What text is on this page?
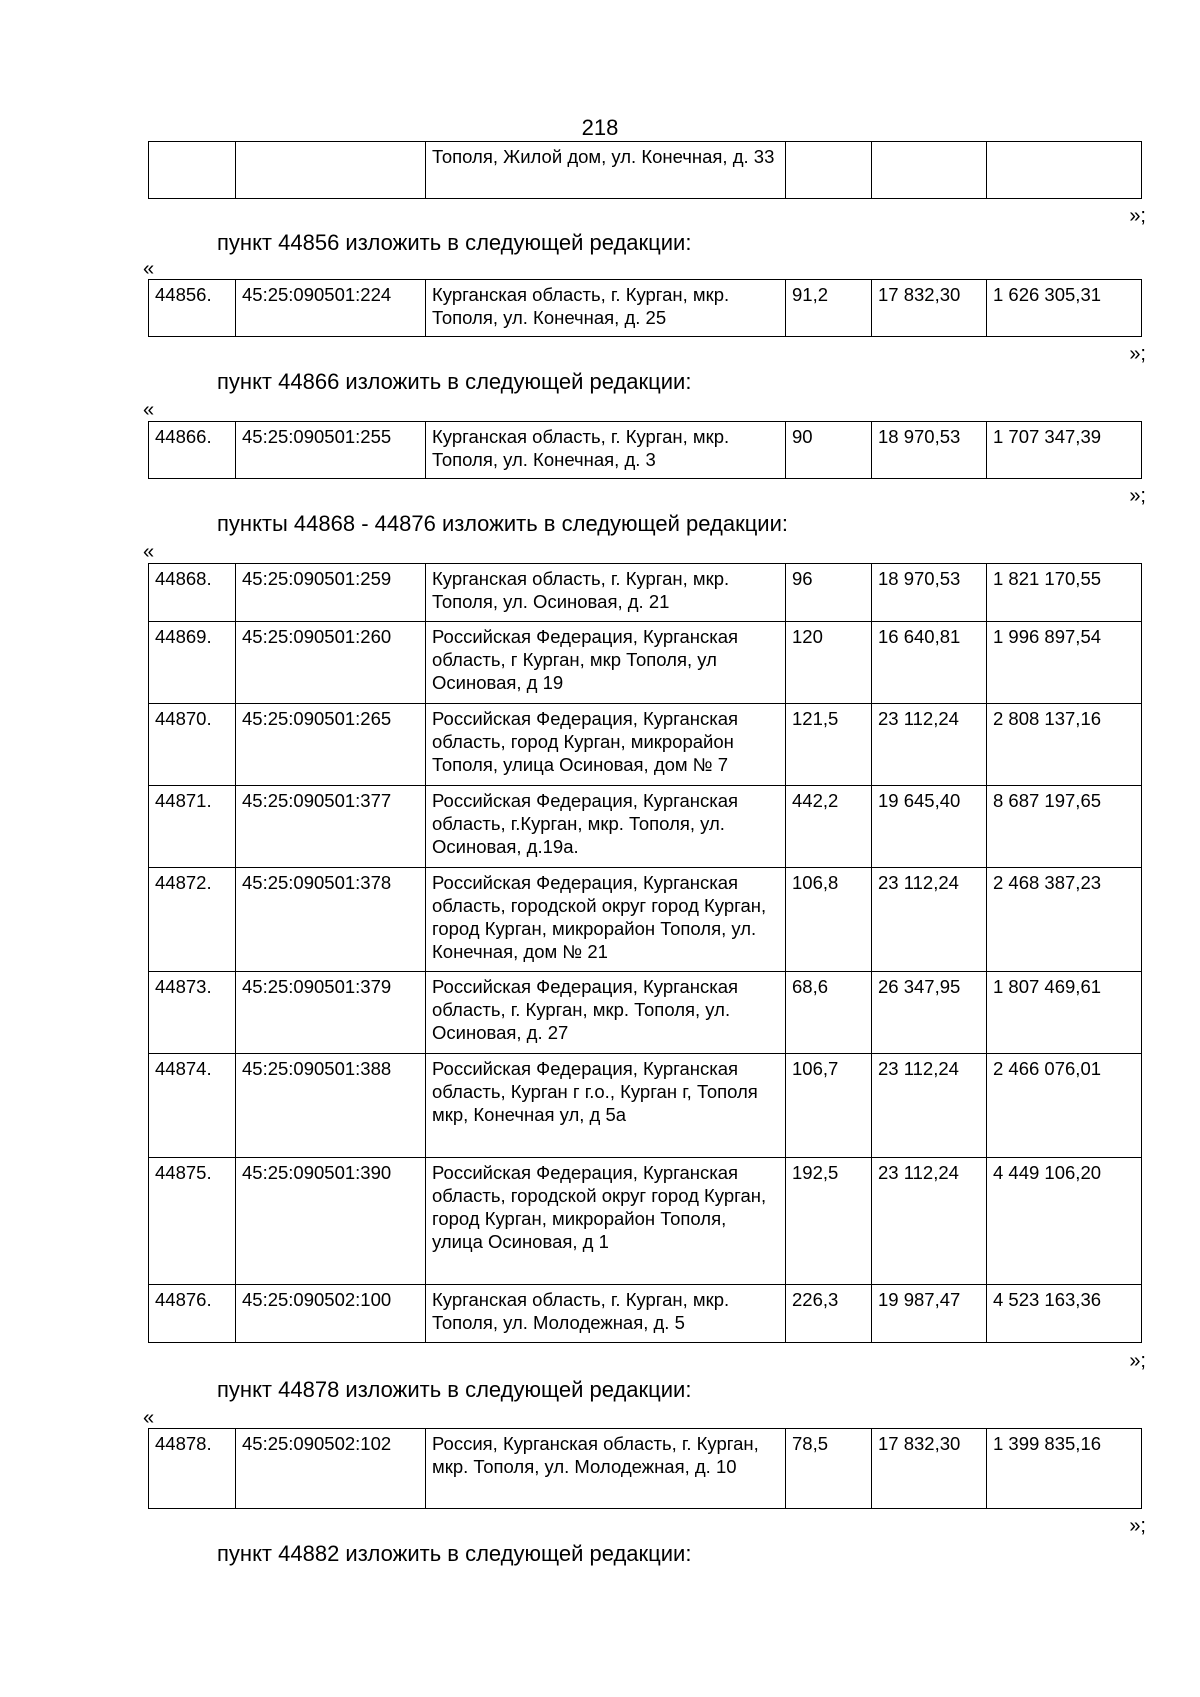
218
		Тополя, Жилой дом, ул. Конечная, д. 33			
»;
пункт 44856 изложить в следующей редакции:
«
44856.	45:25:090501:224	Курганская область, г. Курган, мкр. Тополя, ул. Конечная, д. 25	91,2	17 832,30	1 626 305,31
»;
пункт 44866 изложить в следующей редакции:
«
44866.	45:25:090501:255	Курганская область, г. Курган, мкр. Тополя, ул. Конечная, д. 3	90	18 970,53	1 707 347,39
»;
пункты 44868 - 44876 изложить в следующей редакции:
«
44868.	45:25:090501:259	Курганская область, г. Курган, мкр. Тополя, ул. Осиновая, д. 21	96	18 970,53	1 821 170,55
44869.	45:25:090501:260	Российская Федерация, Курганская область, г Курган, мкр Тополя, ул Осиновая, д 19	120	16 640,81	1 996 897,54
44870.	45:25:090501:265	Российская Федерация, Курганская область, город Курган, микрорайон Тополя, улица Осиновая, дом № 7	121,5	23 112,24	2 808 137,16
44871.	45:25:090501:377	Российская Федерация, Курганская область, г.Курган, мкр. Тополя, ул. Осиновая, д.19а.	442,2	19 645,40	8 687 197,65
44872.	45:25:090501:378	Российская Федерация, Курганская область, городской округ город Курган, город Курган, микрорайон Тополя, ул. Конечная, дом № 21	106,8	23 112,24	2 468 387,23
44873.	45:25:090501:379	Российская Федерация, Курганская область, г. Курган, мкр. Тополя, ул. Осиновая, д. 27	68,6	26 347,95	1 807 469,61
44874.	45:25:090501:388	Российская Федерация, Курганская область, Курган г г.о., Курган г, Тополя мкр, Конечная ул, д 5а	106,7	23 112,24	2 466 076,01
44875.	45:25:090501:390	Российская Федерация, Курганская область, городской округ город Курган, город Курган, микрорайон Тополя, улица Осиновая, д 1	192,5	23 112,24	4 449 106,20
44876.	45:25:090502:100	Курганская область, г. Курган, мкр. Тополя, ул. Молодежная, д. 5	226,3	19 987,47	4 523 163,36
»;
пункт 44878 изложить в следующей редакции:
«
44878.	45:25:090502:102	Россия, Курганская область, г. Курган, мкр. Тополя, ул. Молодежная, д. 10	78,5	17 832,30	1 399 835,16
»;
пункт 44882 изложить в следующей редакции:
